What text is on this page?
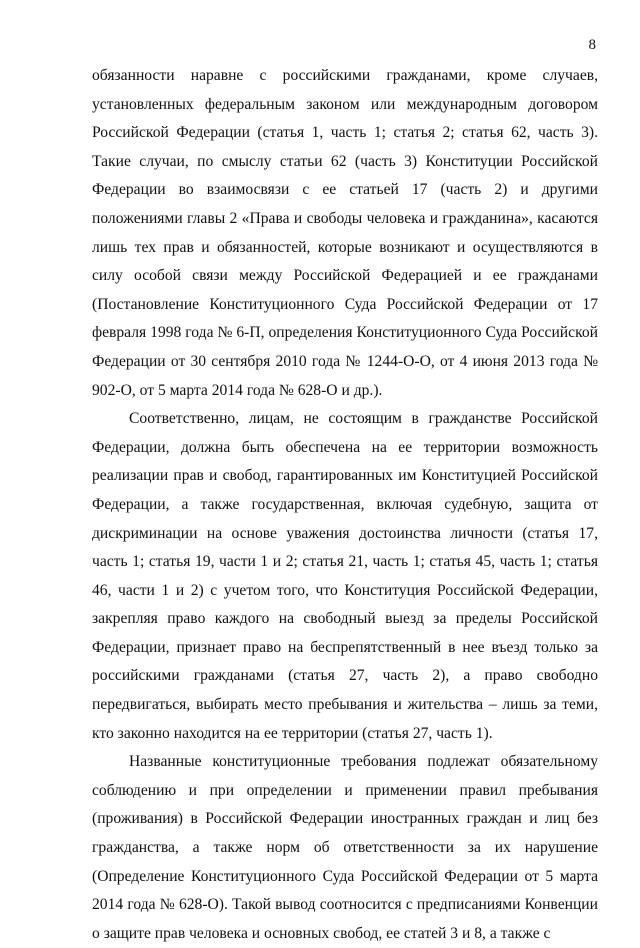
8

обязанности наравне с российскими гражданами, кроме случаев, установленных федеральным законом или международным договором Российской Федерации (статья 1, часть 1; статья 2; статья 62, часть 3). Такие случаи, по смыслу статьи 62 (часть 3) Конституции Российской Федерации во взаимосвязи с ее статьей 17 (часть 2) и другими положениями главы 2 «Права и свободы человека и гражданина», касаются лишь тех прав и обязанностей, которые возникают и осуществляются в силу особой связи между Российской Федерацией и ее гражданами (Постановление Конституционного Суда Российской Федерации от 17 февраля 1998 года № 6-П, определения Конституционного Суда Российской Федерации от 30 сентября 2010 года № 1244-О-О, от 4 июня 2013 года № 902-О, от 5 марта 2014 года № 628-О и др.).

Соответственно, лицам, не состоящим в гражданстве Российской Федерации, должна быть обеспечена на ее территории возможность реализации прав и свобод, гарантированных им Конституцией Российской Федерации, а также государственная, включая судебную, защита от дискриминации на основе уважения достоинства личности (статья 17, часть 1; статья 19, части 1 и 2; статья 21, часть 1; статья 45, часть 1; статья 46, части 1 и 2) с учетом того, что Конституция Российской Федерации, закрепляя право каждого на свободный выезд за пределы Российской Федерации, признает право на беспрепятственный в нее въезд только за российскими гражданами (статья 27, часть 2), а право свободно передвигаться, выбирать место пребывания и жительства – лишь за теми, кто законно находится на ее территории (статья 27, часть 1).

Названные конституционные требования подлежат обязательному соблюдению и при определении и применении правил пребывания (проживания) в Российской Федерации иностранных граждан и лиц без гражданства, а также норм об ответственности за их нарушение (Определение Конституционного Суда Российской Федерации от 5 марта 2014 года № 628-О). Такой вывод соотносится с предписаниями Конвенции о защите прав человека и основных свобод, ее статей 3 и 8, а также с
